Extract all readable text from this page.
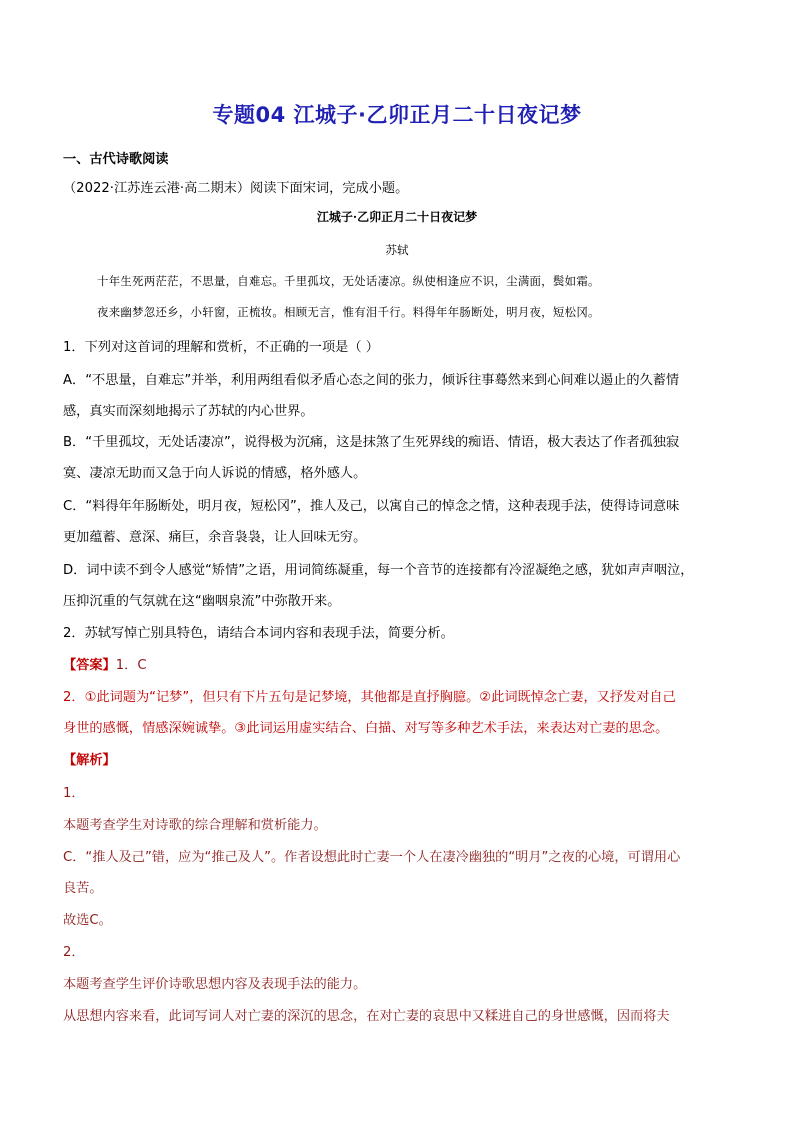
专题04 江城子·乙卯正月二十日夜记梦
一、古代诗歌阅读
（2022·江苏连云港·高二期末）阅读下面宋词，完成小题。
江城子·乙卯正月二十日夜记梦
苏轼
十年生死两茫茫，不思量，自难忘。千里孤坟，无处话凄凉。纵使相逢应不识，尘满面，鬓如霜。
夜来幽梦忽还乡，小轩窗，正梳妆。相顾无言，惟有泪千行。料得年年肠断处，明月夜，短松冈。
1．下列对这首词的理解和赏析，不正确的一项是（ ）
A．“不思量，自难忘”并举，利用两组看似矛盾心态之间的张力，倾诉往事蓦然来到心间难以遏止的久蓄情
感，真实而深刻地揭示了苏轼的内心世界。
B．“千里孤坟，无处话凄凉”，说得极为沉痛，这是抹煞了生死界线的痴语、情语，极大表达了作者孤独寂
寞、凄凉无助而又急于向人诉说的情感，格外感人。
C．“料得年年肠断处，明月夜，短松冈”，推人及己，以寓自己的悼念之情，这种表现手法，使得诗词意味
更加蕴蓄、意深、痛巨，余音袅袅，让人回味无穷。
D．词中读不到令人感觉“矫情”之语，用词简练凝重，每一个音节的连接都有冷涩凝绝之感，犹如声声咽泣，
压抑沉重的气氛就在这“幽咽泉流”中弥散开来。
2．苏轼写悼亡别具特色，请结合本词内容和表现手法，简要分析。
【答案】1．C
2．①此词题为“记梦”，但只有下片五句是记梦境，其他都是直抒胸臆。②此词既悼念亡妻，又抒发对自己
身世的感慨，情感深婉诚挚。③此词运用虚实结合、白描、对写等多种艺术手法，来表达对亡妻的思念。
【解析】
1．
本题考查学生对诗歌的综合理解和赏析能力。
C．“推人及己”错，应为“推己及人”。作者设想此时亡妻一个人在凄冷幽独的“明月”之夜的心境，可谓用心
良苦。
故选C。
2．
本题考查学生评价诗歌思想内容及表现手法的能力。
从思想内容来看，此词写词人对亡妻的深沉的思念，在对亡妻的哀思中又糅进自己的身世感慨，因而将夫
